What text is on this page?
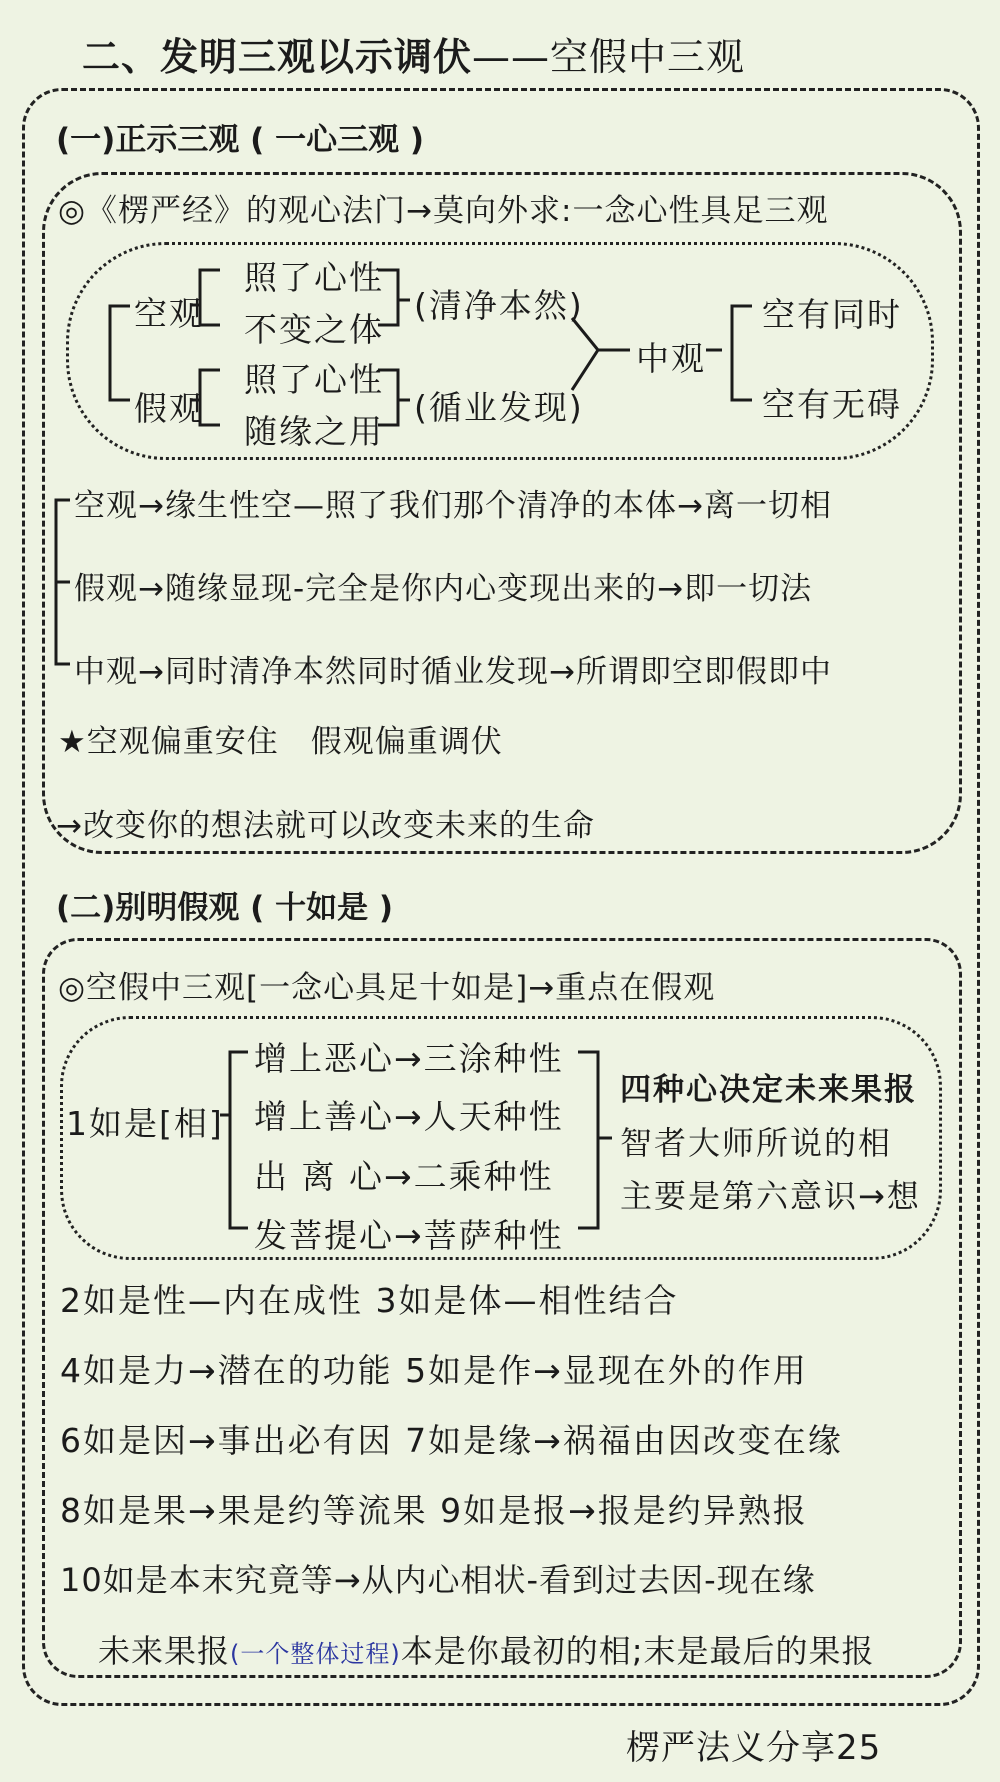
二、发明三观以示调伏——空假中三观
(一)正示三观 ( 一心三观 )
◎《楞严经》的观心法门→莫向外求:一念心性具足三观
空观
假观
照了心性
不变之体
照了心性
随缘之用
(清净本然)
(循业发现)
中观
空有同时
空有无碍
空观→缘生性空—照了我们那个清净的本体→离一切相
假观→随缘显现-完全是你内心变现出来的→即一切法
中观→同时清净本然同时循业发现→所谓即空即假即中
★空观偏重安住　假观偏重调伏
→改变你的想法就可以改变未来的生命
(二)别明假观 ( 十如是 )
◎空假中三观[一念心具足十如是]→重点在假观
1如是[相]
增上恶心→三涂种性
增上善心→人天种性
出 离 心→二乘种性
发菩提心→菩萨种性
四种心决定未来果报
智者大师所说的相
主要是第六意识→想
2如是性—内在成性 3如是体—相性结合
4如是力→潜在的功能 5如是作→显现在外的作用
6如是因→事出必有因 7如是缘→祸福由因改变在缘
8如是果→果是约等流果 9如是报→报是约异熟报
10如是本末究竟等→从内心相状-看到过去因-现在缘
未来果报(一个整体过程)本是你最初的相;末是最后的果报
楞严法义分享25
